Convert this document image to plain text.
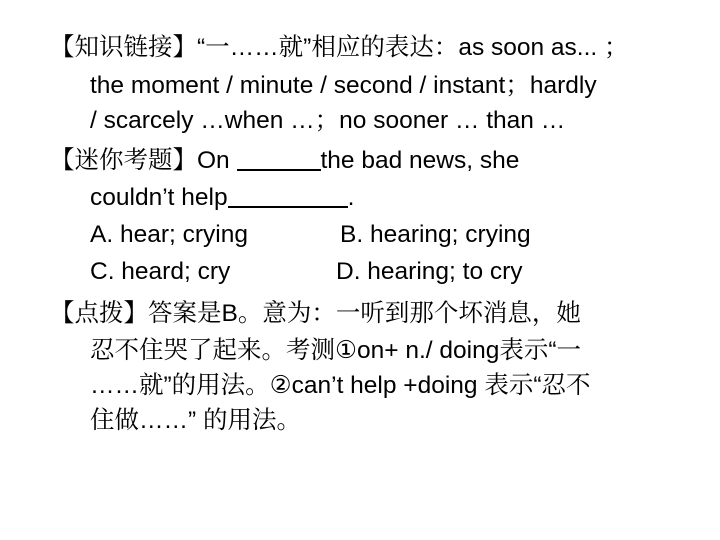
【知识链接】“一……就”相应的表达：as soon as... ；
the moment / minute / second / instant；hardly
/ scarcely …when …；no sooner … than …
【迷你考题】On	the bad news, she
couldn’t help	.
A. hear; crying	B. hearing; crying
C. heard; cry	D. hearing; to cry
【点拨】答案是B。意为：一听到那个坏消息，她
忍不住哭了起来。考测①on+ n./ doing表示“一
……就”的用法。②can’t help +doing 表示“忍不
住做……” 的用法。
